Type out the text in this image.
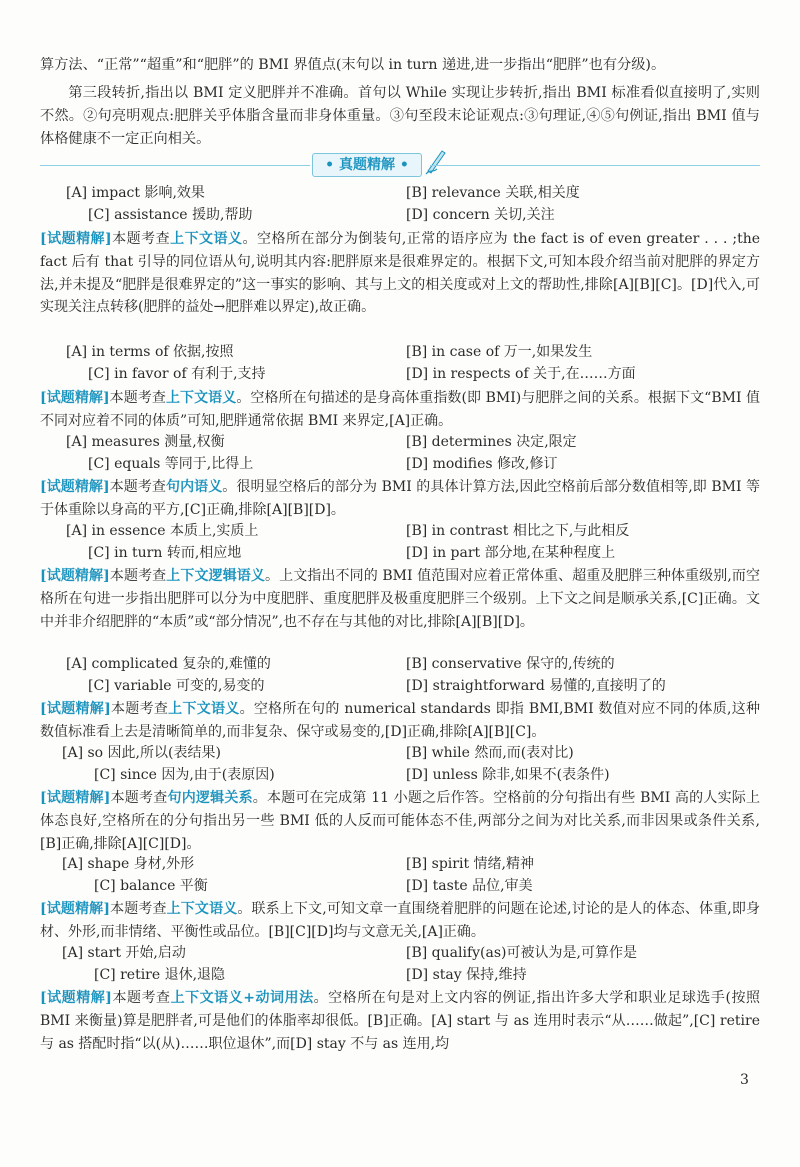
算方法、“正常”“超重”和“肥胖”的 BMI 界值点(末句以 in turn 递进,进一步指出“肥胖”也有分级)。

第三段转折,指出以 BMI 定义肥胖并不准确。首句以 While 实现让步转折,指出 BMI 标准看似直接明了,实则不然。②句亮明观点:肥胖关乎体脂含量而非身体重量。③句至段末论证观点:③句理证,④⑤句例证,指出 BMI 值与体格健康不一定正向相关。

• 真题精解 •
[A] impact 影响,效果	[B] relevance 关联,相关度
[C] assistance 援助,帮助	[D] concern 关切,关注
[试题精解]本题考查上下文语义。空格所在部分为倒装句,正常的语序应为 the fact is of even greater . . . ;the fact 后有 that 引导的同位语从句,说明其内容:肥胖原来是很难界定的。根据下文,可知本段介绍当前对肥胖的界定方法,并未提及“肥胖是很难界定的”这一事实的影响、其与上文的相关度或对上文的帮助性,排除[A][B][C]。[D]代入,可实现关注点转移(肥胖的益处→肥胖难以界定),故正确。
[A] in terms of 依据,按照	[B] in case of 万一,如果发生
[C] in favor of 有利于,支持	[D] in respects of 关于,在……方面
[试题精解]本题考查上下文语义。空格所在句描述的是身高体重指数(即 BMI)与肥胖之间的关系。根据下文“BMI 值不同对应着不同的体质”可知,肥胖通常依据 BMI 来界定,[A]正确。
[A] measures 测量,权衡	[B] determines 决定,限定
[C] equals 等同于,比得上	[D] modifies 修改,修订
[试题精解]本题考查句内语义。很明显空格后的部分为 BMI 的具体计算方法,因此空格前后部分数值相等,即 BMI 等于体重除以身高的平方,[C]正确,排除[A][B][D]。
[A] in essence 本质上,实质上	[B] in contrast 相比之下,与此相反
[C] in turn 转而,相应地	[D] in part 部分地,在某种程度上
[试题精解]本题考查上下文逻辑语义。上文指出不同的 BMI 值范围对应着正常体重、超重及肥胖三种体重级别,而空格所在句进一步指出肥胖可以分为中度肥胖、重度肥胖及极重度肥胖三个级别。上下文之间是顺承关系,[C]正确。文中并非介绍肥胖的“本质”或“部分情况”,也不存在与其他的对比,排除[A][B][D]。
[A] complicated 复杂的,难懂的	[B] conservative 保守的,传统的
[C] variable 可变的,易变的	[D] straightforward 易懂的,直接明了的
[试题精解]本题考查上下文语义。空格所在句的 numerical standards 即指 BMI,BMI 数值对应不同的体质,这种数值标准看上去是清晰简单的,而非复杂、保守或易变的,[D]正确,排除[A][B][C]。
[A] so 因此,所以(表结果)	[B] while 然而,而(表对比)
[C] since 因为,由于(表原因)	[D] unless 除非,如果不(表条件)
[试题精解]本题考查句内逻辑关系。本题可在完成第 11 小题之后作答。空格前的分句指出有些 BMI 高的人实际上体态良好,空格所在的分句指出另一些 BMI 低的人反而可能体态不佳,两部分之间为对比关系,而非因果或条件关系,[B]正确,排除[A][C][D]。
[A] shape 身材,外形	[B] spirit 情绪,精神
[C] balance 平衡	[D] taste 品位,审美
[试题精解]本题考查上下文语义。联系上下文,可知文章一直围绕着肥胖的问题在论述,讨论的是人的体态、体重,即身材、外形,而非情绪、平衡性或品位。[B][C][D]均与文意无关,[A]正确。
[A] start 开始,启动	[B] qualify(as)可被认为是,可算作是
[C] retire 退休,退隐	[D] stay 保持,维持
[试题精解]本题考查上下文语义+动词用法。空格所在句是对上文内容的例证,指出许多大学和职业足球选手(按照 BMI 来衡量)算是肥胖者,可是他们的体脂率却很低。[B]正确。[A] start 与 as 连用时表示“从……做起”,[C] retire 与 as 搭配时指“以(从)……职位退休”,而[D] stay 不与 as 连用,均
3
